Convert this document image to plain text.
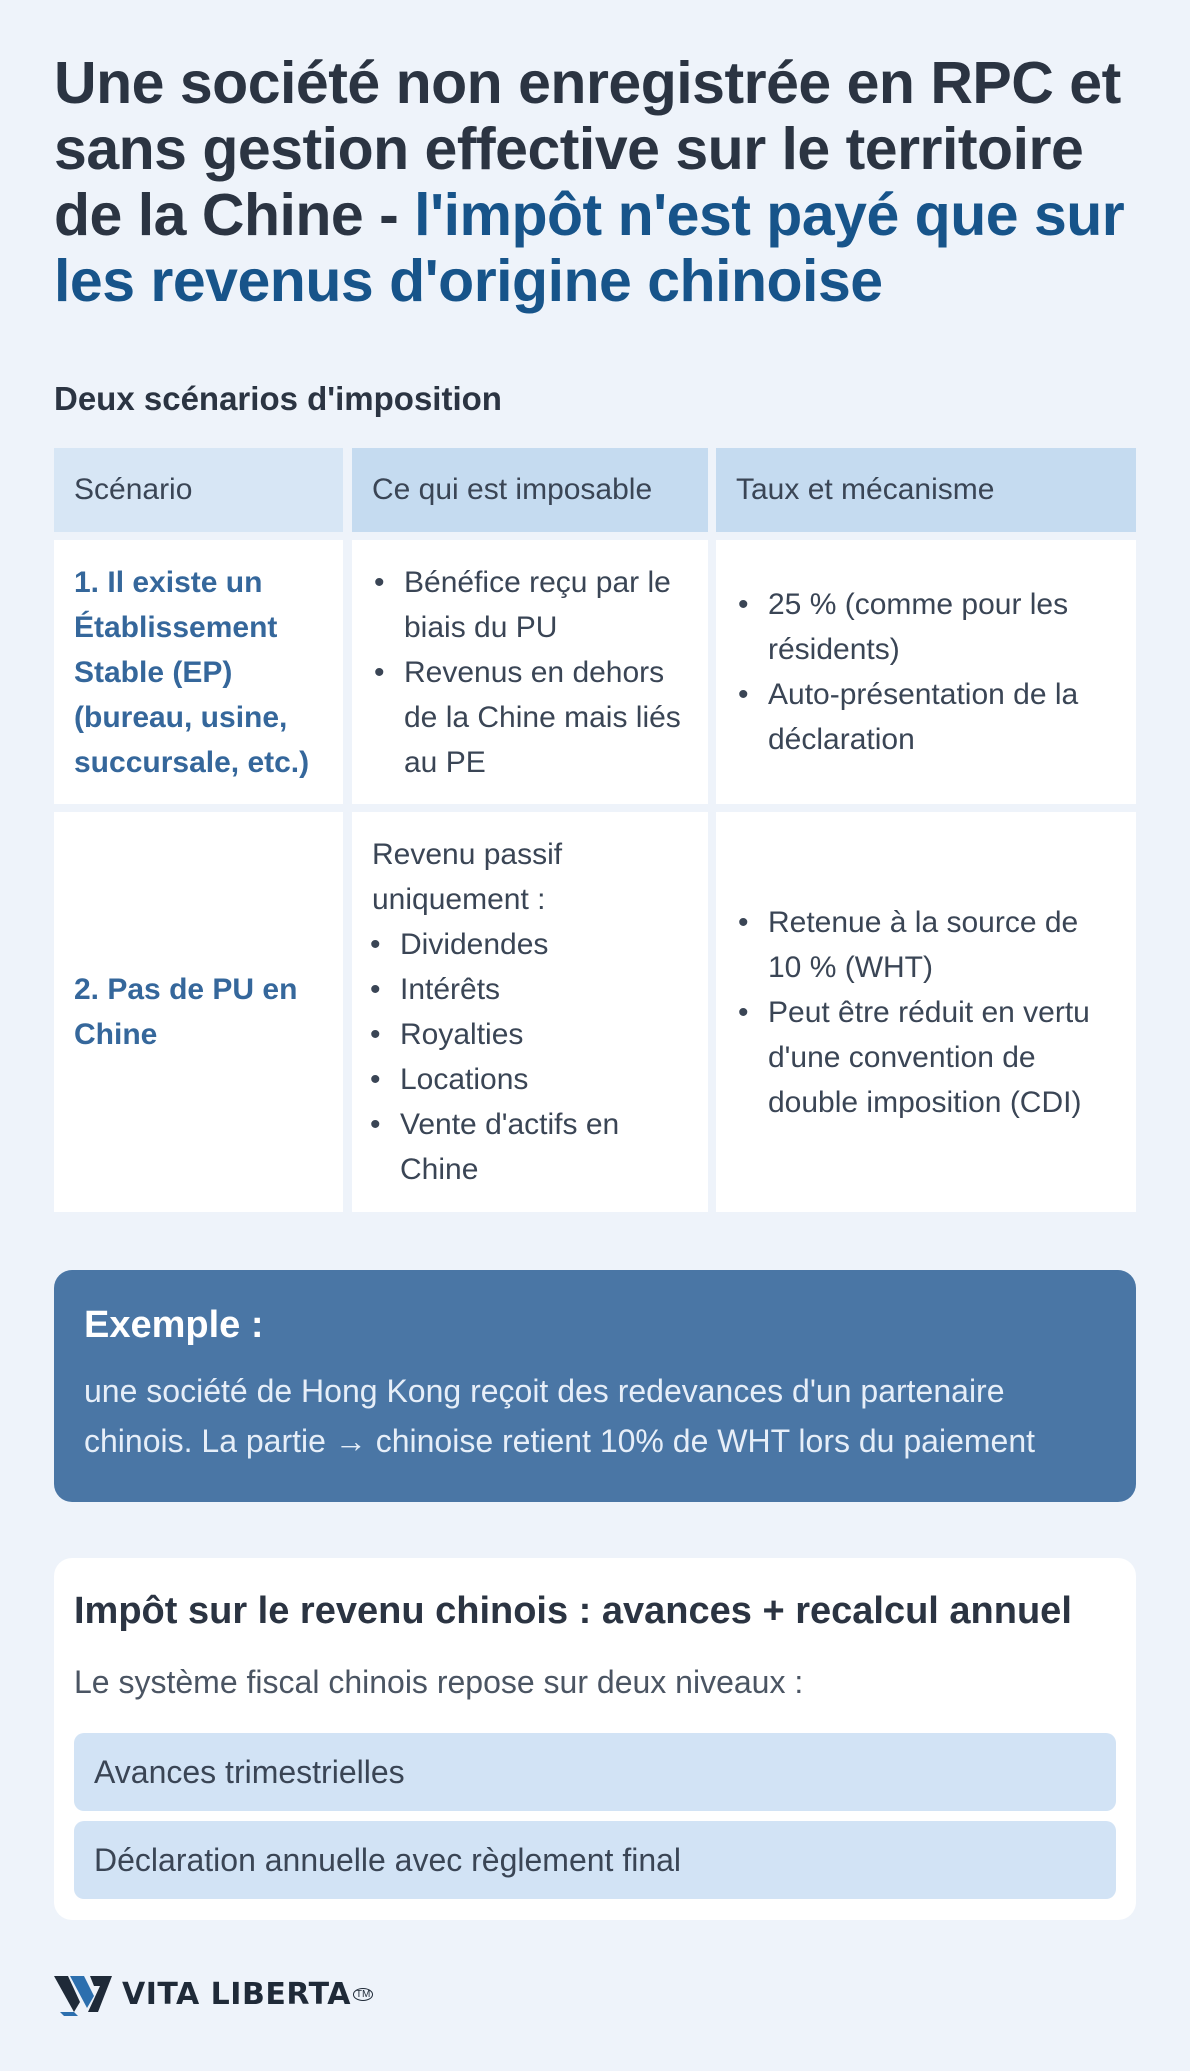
Une société non enregistrée en RPC et sans gestion effective sur le territoire de la Chine - l'impôt n'est payé que sur les revenus d'origine chinoise
Deux scénarios d'imposition
Scénario	Ce qui est imposable	Taux et mécanisme
1. Il existe un Établissement Stable (EP) (bureau, usine, succursale, etc.)
• Bénéfice reçu par le biais du PU
• Revenus en dehors de la Chine mais liés au PE
• 25 % (comme pour les résidents)
• Auto-présentation de la déclaration
2. Pas de PU en Chine
Revenu passif uniquement :
• Dividendes
• Intérêts
• Royalties
• Locations
• Vente d'actifs en Chine
• Retenue à la source de 10 % (WHT)
• Peut être réduit en vertu d'une convention de double imposition (CDI)
Exemple :
une société de Hong Kong reçoit des redevances d'un partenaire chinois. La partie → chinoise retient 10% de WHT lors du paiement
Impôt sur le revenu chinois : avances + recalcul annuel
Le système fiscal chinois repose sur deux niveaux :
Avances trimestrielles
Déclaration annuelle avec règlement final
VITA LIBERTA TM
